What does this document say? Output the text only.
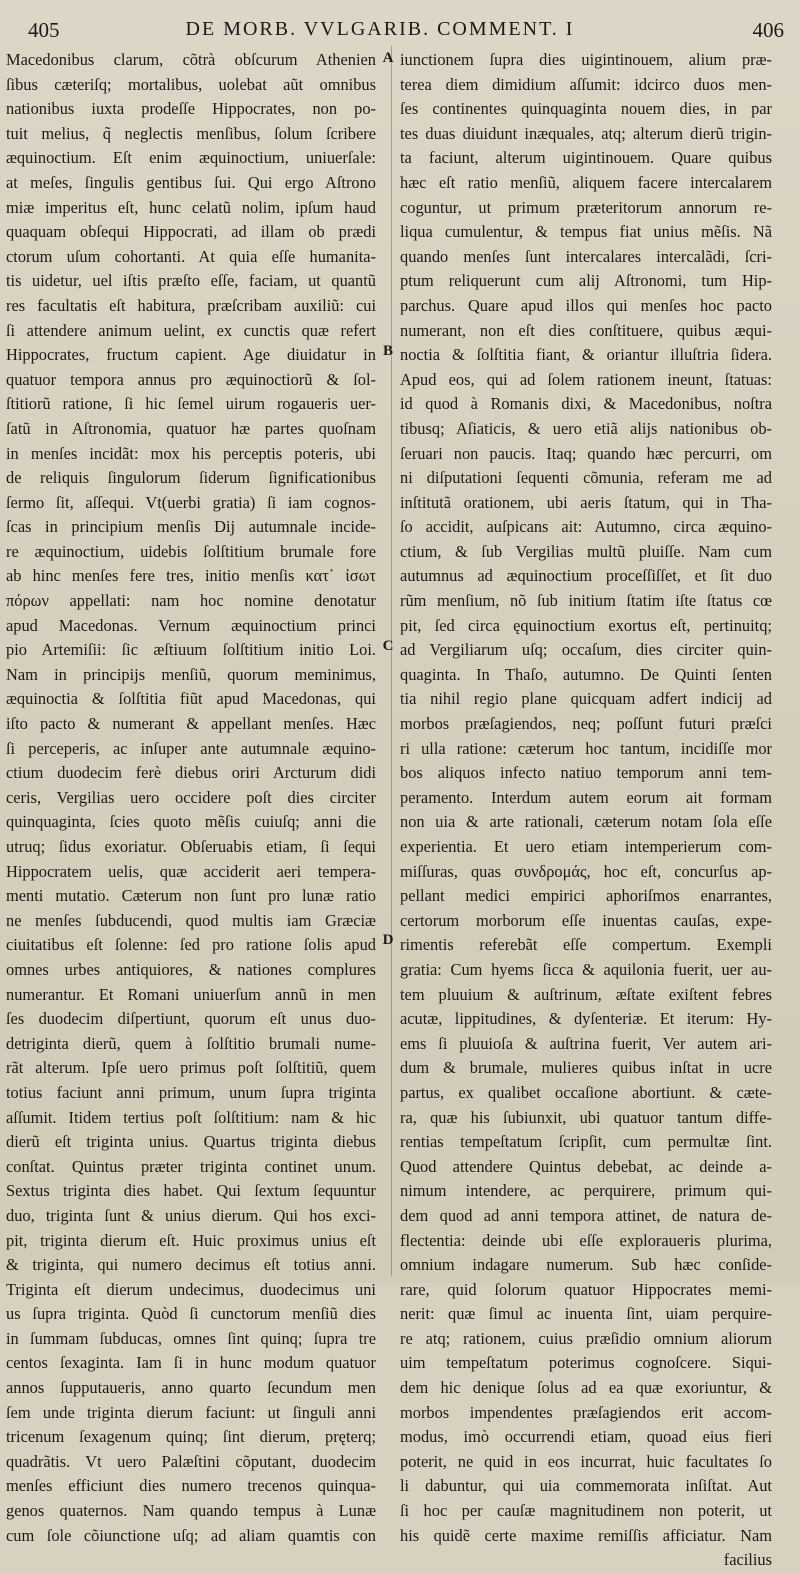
405	DE MORB. VVLGARIB. COMMENT. I	406
A
B
C
D
Macedonibus clarum, cõtrà obſcurum Athenien
ſibus cæteriſq; mortalibus, uolebat aũt omnibus
nationibus iuxta prodeſſe Hippocrates, non po-
tuit melius, q̃ neglectis menſibus, ſolum ſcribere
æquinoctium. Eſt enim æquinoctium, uniuerſale:
at meſes, ſingulis gentibus ſui. Qui ergo Aſtrono
miæ imperitus eſt, hunc celatũ nolim, ipſum haud
quaquam obſequi Hippocrati, ad illam ob prædi
ctorum uſum cohortanti. At quia eſſe humanita-
tis uidetur, uel iſtis præſto eſſe, faciam, ut quantũ
res facultatis eſt habitura, præſcribam auxiliũ: cui
ſi attendere animum uelint, ex cunctis quæ refert
Hippocrates, fructum capient. Age diuidatur in
quatuor tempora annus pro æquinoctiorũ & ſol-
ſtitiorũ ratione, ſi hic ſemel uirum rogaueris uer-
ſatũ in Aſtronomia, quatuor hæ partes quoſnam
in menſes incidãt: mox his perceptis poteris, ubi
de reliquis ſingulorum ſiderum ſignificationibus
ſermo ſit, aſſequi. Vt(uerbi gratia) ſi iam cognos-
ſcas in principium menſis Dij autumnale incide-
re æquinoctium, uidebis ſolſtitium brumale fore
ab hinc menſes fere tres, initio menſis κατ᾽ ἰσωτ
πόρων appellati: nam hoc nomine denotatur
apud Macedonas. Vernum æquinoctium princi
pio Artemiſii: ſic æſtiuum ſolſtitium initio Loi.
Nam in principijs menſiũ, quorum meminimus,
æquinoctia & ſolſtitia fiũt apud Macedonas, qui
iſto pacto & numerant & appellant menſes. Hæc
ſi perceperis, ac inſuper ante autumnale æquino-
ctium duodecim ferè diebus oriri Arcturum didi
ceris, Vergilias uero occidere poſt dies circiter
quinquaginta, ſcies quoto mẽſis cuiuſq; anni die
utruq; ſidus exoriatur. Obſeruabis etiam, ſi ſequi
Hippocratem uelis, quæ acciderit aeri tempera-
menti mutatio. Cæterum non ſunt pro lunæ ratio
ne menſes ſubducendi, quod multis iam Græciæ
ciuitatibus eſt ſolenne: ſed pro ratione ſolis apud
omnes urbes antiquiores, & nationes complures
numerantur. Et Romani uniuerſum annũ in men
ſes duodecim diſpertiunt, quorum eſt unus duo-
detriginta dierũ, quem à ſolſtitio brumali nume-
rãt alterum. Ipſe uero primus poſt ſolſtitiũ, quem
totius faciunt anni primum, unum ſupra triginta
aſſumit. Itidem tertius poſt ſolſtitium: nam & hic
dierũ eſt triginta unius. Quartus triginta diebus
conſtat. Quintus præter triginta continet unum.
Sextus triginta dies habet. Qui ſextum ſequuntur
duo, triginta ſunt & unius dierum. Qui hos exci-
pit, triginta dierum eſt. Huic proximus unius eſt
& triginta, qui numero decimus eſt totius anni.
Triginta eſt dierum undecimus, duodecimus uni
us ſupra triginta. Quòd ſi cunctorum menſiũ dies
in ſummam ſubducas, omnes ſint quinq; ſupra tre
centos ſexaginta. Iam ſi in hunc modum quatuor
annos ſupputaueris, anno quarto ſecundum men
ſem unde triginta dierum faciunt: ut ſinguli anni
tricenum ſexagenum quinq; ſint dierum, pręterq;
quadrãtis. Vt uero Palæſtini cõputant, duodecim
menſes efficiunt dies numero trecenos quinqua-
genos quaternos. Nam quando tempus à Lunæ
cum ſole cõiunctione uſq; ad aliam quamtis con
iunctionem ſupra dies uigintinouem, alium præ-
terea diem dimidium aſſumit: idcirco duos men-
ſes continentes quinquaginta nouem dies, in par
tes duas diuidunt inæquales, atq; alterum dierũ trigin-
ta faciunt, alterum uigintinouem. Quare quibus
hæc eſt ratio menſiũ, aliquem facere intercalarem
coguntur, ut primum præteritorum annorum re-
liqua cumulentur, & tempus fiat unius mẽſis. Nã
quando menſes ſunt intercalares intercalãdi, ſcri-
ptum reliquerunt cum alij Aſtronomi, tum Hip-
parchus. Quare apud illos qui menſes hoc pacto
numerant, non eſt dies conſtituere, quibus æqui-
noctia & ſolſtitia fiant, & oriantur illuſtria ſidera.
Apud eos, qui ad ſolem rationem ineunt, ſtatuas:
id quod à Romanis dixi, & Macedonibus, noſtra
tibusq; Aſiaticis, & uero etiã alijs nationibus ob-
ſeruari non paucis. Itaq; quando hæc percurri, om
ni diſputationi ſequenti cõmunia, referam me ad
inſtitutã orationem, ubi aeris ſtatum, qui in Tha-
ſo accidit, auſpicans ait: Autumno, circa æquino-
ctium, & ſub Vergilias multũ pluiſſe. Nam cum
autumnus ad æquinoctium proceſſiſſet, et ſit duo
rũm menſium, nõ ſub initium ſtatim iſte ſtatus cœ
pit, ſed circa ęquinoctium exortus eſt, pertinuitq;
ad Vergiliarum uſq; occaſum, dies circiter quin-
quaginta. In Thaſo, autumno. De Quinti ſenten
tia nihil regio plane quicquam adfert indicij ad
morbos præſagiendos, neq; poſſunt futuri præſci
ri ulla ratione: cæterum hoc tantum, incidiſſe mor
bos aliquos infecto natiuo temporum anni tem-
peramento. Interdum autem eorum ait formam
non uia & arte rationali, cæterum notam ſola eſſe
experientia. Et uero etiam intemperierum com-
miſſuras, quas συνδρομάς, hoc eſt, concurſus ap-
pellant medici empirici aphoriſmos enarrantes,
certorum morborum eſſe inuentas cauſas, expe-
rimentis referebãt eſſe compertum. Exempli
gratia: Cum hyems ſicca & aquilonia fuerit, uer au-
tem pluuium & auſtrinum, æſtate exiſtent febres
acutæ, lippitudines, & dyſenteriæ. Et iterum: Hy-
ems ſi pluuioſa & auſtrina fuerit, Ver autem ari-
dum & brumale, mulieres quibus inſtat in ucre
partus, ex qualibet occaſione abortiunt. & cæte-
ra, quæ his ſubiunxit, ubi quatuor tantum diffe-
rentias tempeſtatum ſcripſit, cum permultæ ſint.
Quod attendere Quintus debebat, ac deinde a-
nimum intendere, ac perquirere, primum qui-
dem quod ad anni tempora attinet, de natura de-
flectentia: deinde ubi eſſe exploraueris plurima,
omnium indagare numerum. Sub hæc conſide-
rare, quid ſolorum quatuor Hippocrates memi-
nerit: quæ ſimul ac inuenta ſint, uiam perquire-
re atq; rationem, cuius præſidio omnium aliorum
uim tempeſtatum poterimus cognoſcere. Siqui-
dem hic denique ſolus ad ea quæ exoriuntur, &
morbos impendentes præſagiendos erit accom-
modus, imò occurrendi etiam, quoad eius fieri
poterit, ne quid in eos incurrat, huic facultates ſo
li dabuntur, qui uia commemorata inſiſtat. Aut
ſi hoc per cauſæ magnitudinem non poterit, ut
his quidẽ certe maxime remiſſis afficiatur. Nam
facilius
